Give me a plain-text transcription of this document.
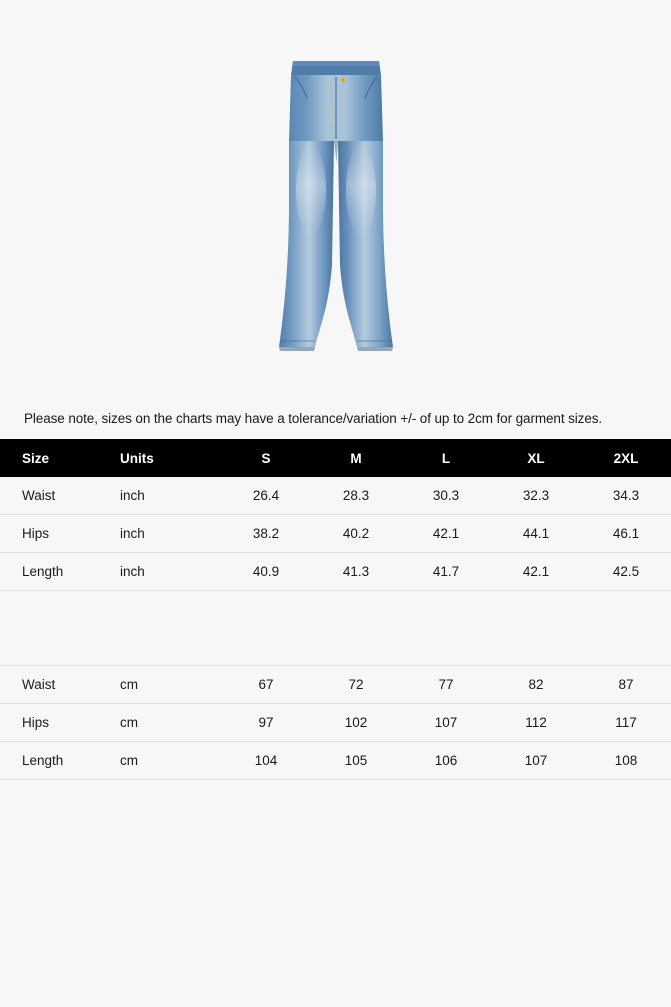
Please note, sizes on the charts may have a tolerance/variation +/- of up to 2cm for garment sizes.
Size	Units	S	M	L	XL	2XL
Waist	inch	26.4	28.3	30.3	32.3	34.3
Hips	inch	38.2	40.2	42.1	44.1	46.1
Length	inch	40.9	41.3	41.7	42.1	42.5

Waist	cm	67	72	77	82	87
Hips	cm	97	102	107	112	117
Length	cm	104	105	106	107	108
